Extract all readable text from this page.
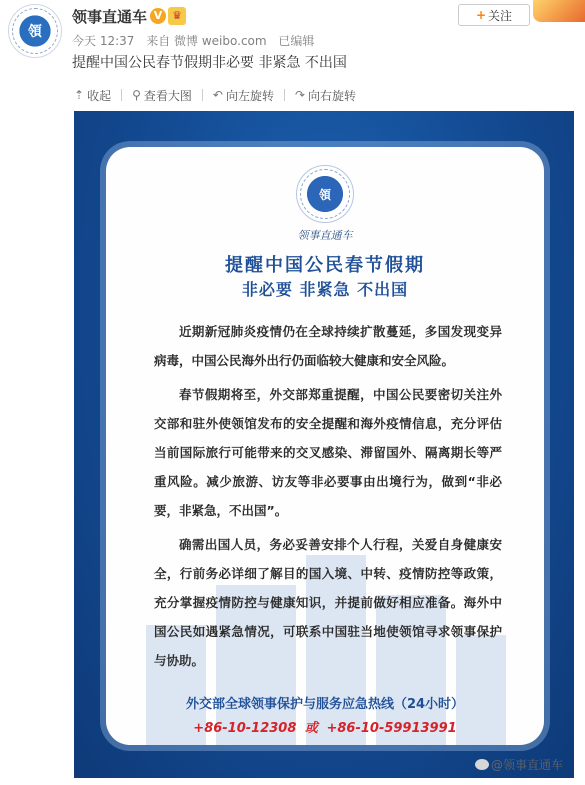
領
领事直通车 V ♛
今天 12:37 来自 微博 weibo.com 已编辑
+ 关注
提醒中国公民春节假期非必要 非紧急 不出国
⇡ 收起 ⚲ 查看大图 ↶ 向左旋转 ↷ 向右旋转
領
领事直通车
提醒中国公民春节假期
非必要 非紧急 不出国

近期新冠肺炎疫情仍在全球持续扩散蔓延，多国发现变异病毒，中国公民海外出行仍面临较大健康和安全风险。

春节假期将至，外交部郑重提醒，中国公民要密切关注外交部和驻外使领馆发布的安全提醒和海外疫情信息，充分评估当前国际旅行可能带来的交叉感染、滞留国外、隔离期长等严重风险。减少旅游、访友等非必要事由出境行为，做到“非必要，非紧急，不出国”。

确需出国人员，务必妥善安排个人行程，关爱自身健康安全，行前务必详细了解目的国入境、中转、疫情防控等政策，充分掌握疫情防控与健康知识，并提前做好相应准备。海外中国公民如遇紧急情况，可联系中国驻当地使领馆寻求领事保护与协助。

外交部全球领事保护与服务应急热线（24小时）
+86-10-12308 或 +86-10-59913991
@领事直通车
